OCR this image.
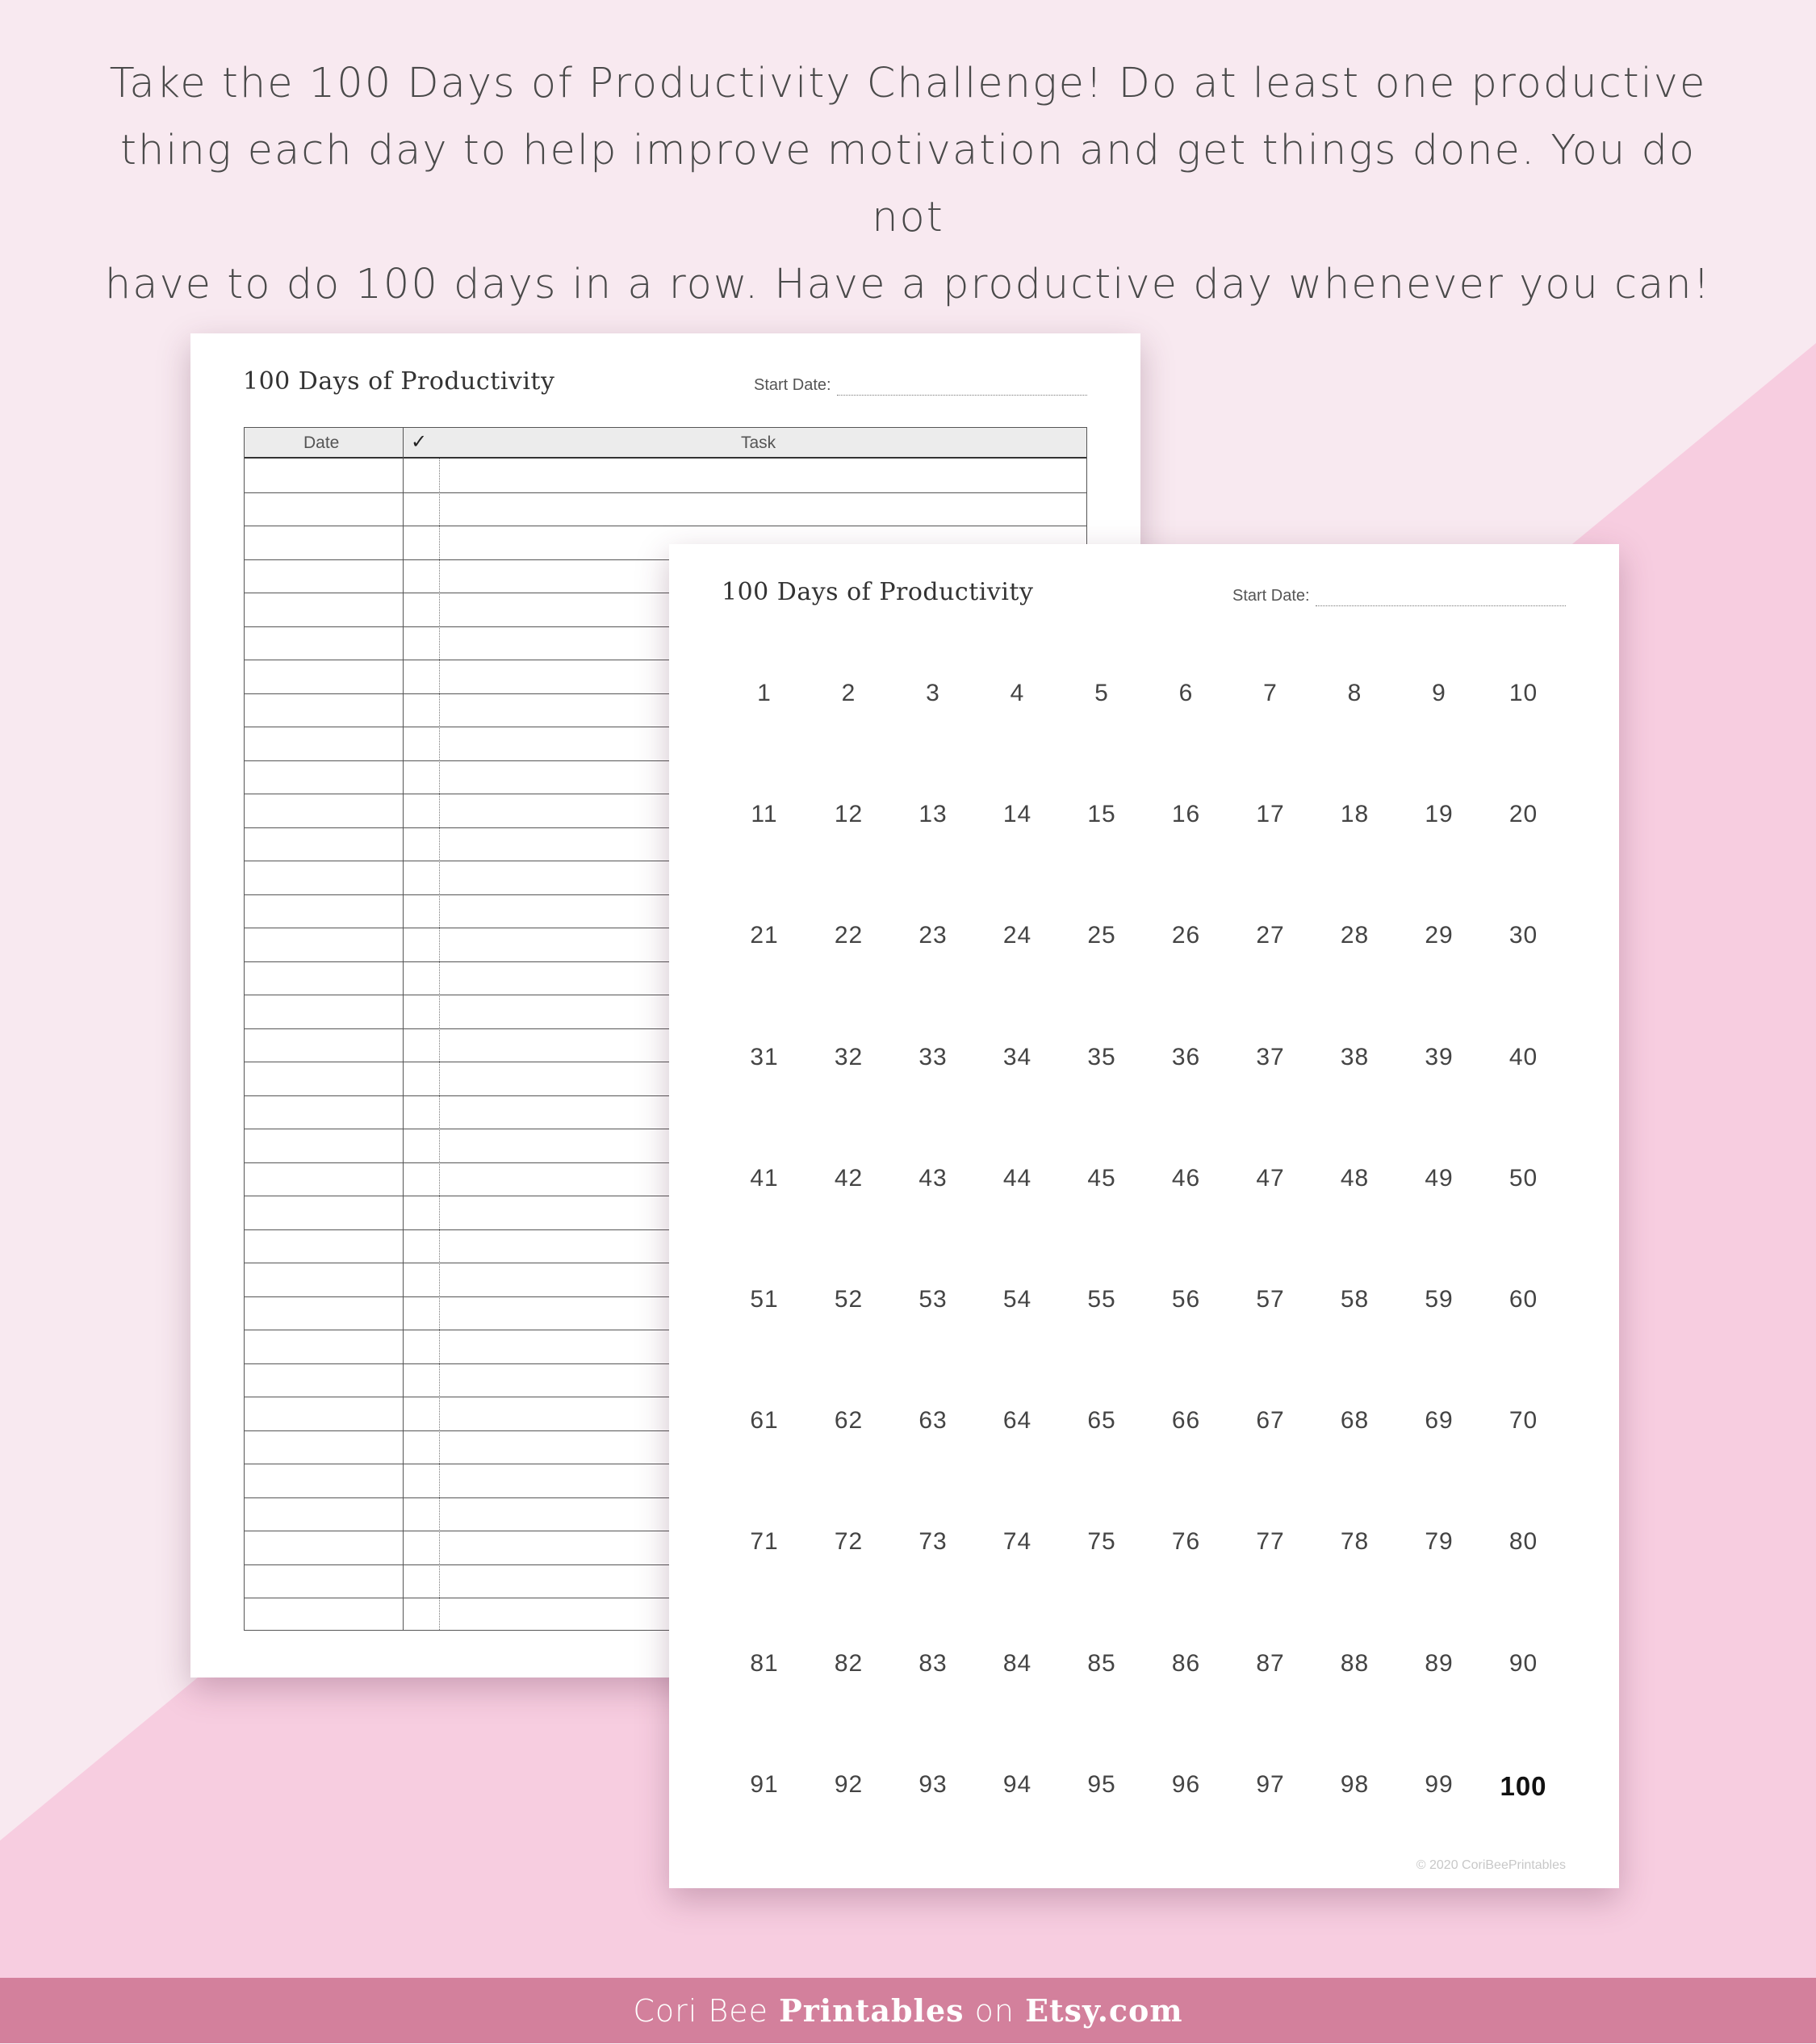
Take the 100 Days of Productivity Challenge! Do at least one productive
thing each day to help improve motivation and get things done. You do not
have to do 100 days in a row. Have a productive day whenever you can!
100 Days of Productivity	Start Date:
Date	✓	Task
100 Days of Productivity	Start Date:
© 2020 CoriBeePrintables
1	2	3	4	5	6	7	8	9	10
11	12	13	14	15	16	17	18	19	20
21	22	23	24	25	26	27	28	29	30
31	32	33	34	35	36	37	38	39	40
41	42	43	44	45	46	47	48	49	50
51	52	53	54	55	56	57	58	59	60
61	62	63	64	65	66	67	68	69	70
71	72	73	74	75	76	77	78	79	80
81	82	83	84	85	86	87	88	89	90
91	92	93	94	95	96	97	98	99	100
Cori Bee Printables on Etsy.com
